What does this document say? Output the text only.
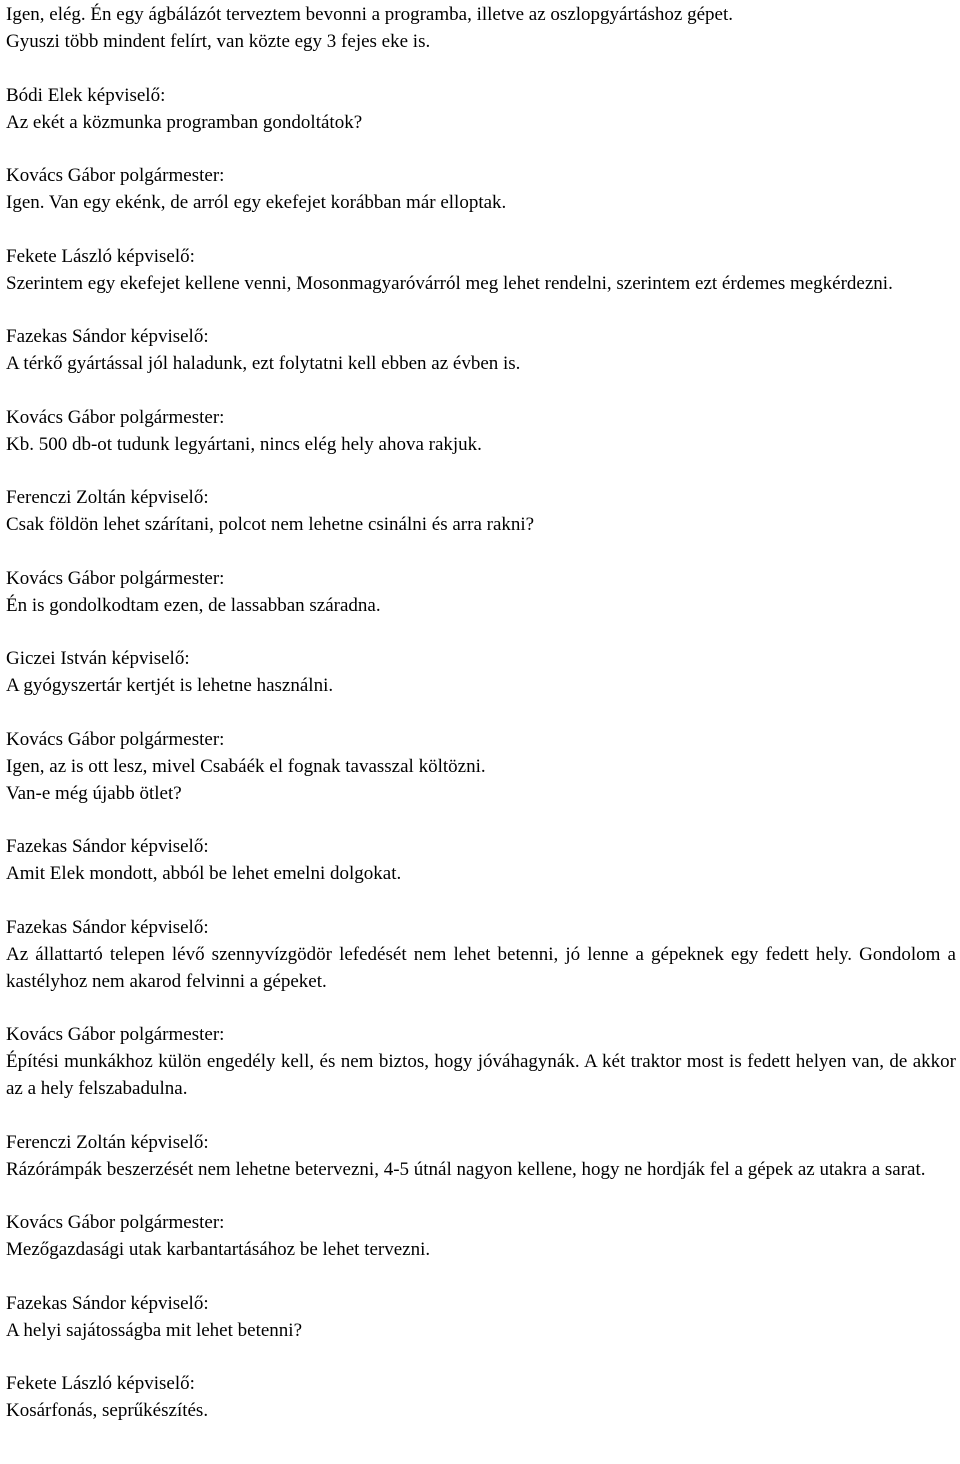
Igen, elég. Én egy ágbálázót terveztem bevonni a programba, illetve az oszlopgyártáshoz gépet.
Gyuszi több mindent felírt, van közte egy 3 fejes eke is.
Bódi Elek képviselő:
Az ekét a közmunka programban gondoltátok?
Kovács Gábor polgármester:
Igen. Van egy ekénk, de arról egy ekefejet korábban már elloptak.
Fekete László képviselő:
Szerintem egy ekefejet kellene venni, Mosonmagyaróvárról meg lehet rendelni, szerintem ezt érdemes megkérdezni.
Fazekas Sándor képviselő:
A térkő gyártással jól haladunk, ezt folytatni kell ebben az évben is.
Kovács Gábor polgármester:
Kb. 500 db-ot tudunk legyártani, nincs elég hely ahova rakjuk.
Ferenczi Zoltán képviselő:
Csak földön lehet szárítani, polcot nem lehetne csinálni és arra rakni?
Kovács Gábor polgármester:
Én is gondolkodtam ezen, de lassabban száradna.
Giczei István képviselő:
A gyógyszertár kertjét is lehetne használni.
Kovács Gábor polgármester:
Igen, az is ott lesz, mivel Csabáék el fognak tavasszal költözni.
Van-e még újabb ötlet?
Fazekas Sándor képviselő:
Amit Elek mondott, abból be lehet emelni dolgokat.
Fazekas Sándor képviselő:
Az állattartó telepen lévő szennyvízgödör lefedését nem lehet betenni, jó lenne a gépeknek egy fedett hely. Gondolom a kastélyhoz nem akarod felvinni a gépeket.
Kovács Gábor polgármester:
Építési munkákhoz külön engedély kell, és nem biztos, hogy jóváhagynák. A két traktor most is fedett helyen van, de akkor az a hely felszabadulna.
Ferenczi Zoltán képviselő:
Rázórámpák beszerzését nem lehetne betervezni, 4-5 útnál nagyon kellene, hogy ne hordják fel a gépek az utakra a sarat.
Kovács Gábor polgármester:
Mezőgazdasági utak karbantartásához be lehet tervezni.
Fazekas Sándor képviselő:
A helyi sajátosságba mit lehet betenni?
Fekete László képviselő:
Kosárfonás, seprűkészítés.
